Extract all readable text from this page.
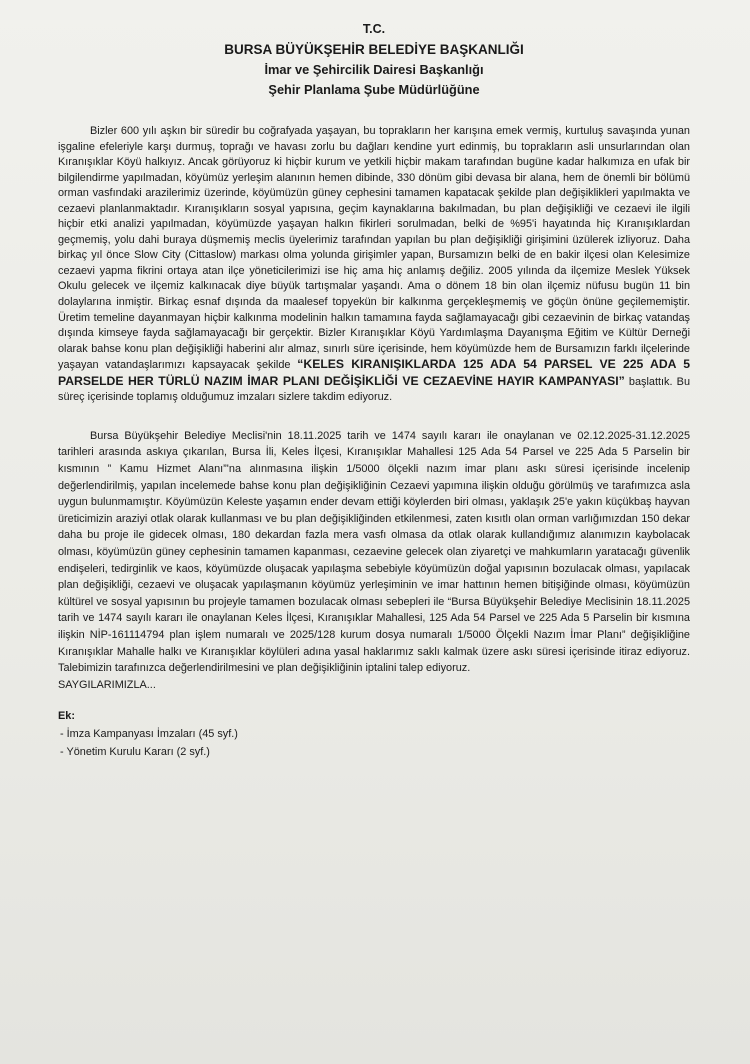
T.C.
BURSA BÜYÜKŞEHİR BELEDİYE BAŞKANLIĞI
İmar ve Şehircilik Dairesi Başkanlığı
Şehir Planlama Şube Müdürlüğüne

Bizler 600 yılı aşkın bir süredir bu coğrafyada yaşayan, bu toprakların her karışına emek vermiş, kurtuluş savaşında yunan işgaline efeleriyle karşı durmuş, toprağı ve havası zorlu bu dağları kendine yurt edinmiş, bu toprakların asli unsurlarından olan Kıranışıklar Köyü halkıyız. Ancak görüyoruz ki hiçbir kurum ve yetkili hiçbir makam tarafından bugüne kadar halkımıza en ufak bir bilgilendirme yapılmadan, köyümüz yerleşim alanının hemen dibinde, 330 dönüm gibi devasa bir alana, hem de önemli bir bölümü orman vasfındaki arazilerimiz üzerinde, köyümüzün güney cephesini tamamen kapatacak şekilde plan değişiklikleri yapılmakta ve cezaevi planlanmaktadır. Kıranışıkların sosyal yapısına, geçim kaynaklarına bakılmadan, bu plan değişikliği ve cezaevi ile ilgili hiçbir etki analizi yapılmadan, köyümüzde yaşayan halkın fikirleri sorulmadan, belki de %95'i hayatında hiç Kıranışıklardan geçmemiş, yolu dahi buraya düşmemiş meclis üyelerimiz tarafından yapılan bu plan değişikliği girişimini üzülerek izliyoruz. Daha birkaç yıl önce Slow City (Cittaslow) markası olma yolunda girişimler yapan, Bursamızın belki de en bakir ilçesi olan Kelesimize cezaevi yapma fikrini ortaya atan ilçe yöneticilerimizi ise hiç ama hiç anlamış değiliz. 2005 yılında da ilçemize Meslek Yüksek Okulu gelecek ve ilçemiz kalkınacak diye büyük tartışmalar yaşandı. Ama o dönem 18 bin olan ilçemiz nüfusu bugün 11 bin dolaylarına inmiştir. Birkaç esnaf dışında da maalesef topyekün bir kalkınma gerçekleşmemiş ve göçün önüne geçilememiştir. Üretim temeline dayanmayan hiçbir kalkınma modelinin halkın tamamına fayda sağlamayacağı gibi cezaevinin de birkaç vatandaş dışında kimseye fayda sağlamayacağı bir gerçektir. Bizler Kıranışıklar Köyü Yardımlaşma Dayanışma Eğitim ve Kültür Derneği olarak bahse konu plan değişikliği haberini alır almaz, sınırlı süre içerisinde, hem köyümüzde hem de Bursamızın farklı ilçelerinde yaşayan vatandaşlarımızı kapsayacak şekilde “KELES KIRANIŞIKLARDA 125 ADA 54 PARSEL VE 225 ADA 5 PARSELDE HER TÜRLÜ NAZIM İMAR PLANI DEĞİŞİKLİĞİ VE CEZAEVİNE HAYIR KAMPANYASI” başlattık. Bu süreç içerisinde toplamış olduğumuz imzaları sizlere takdim ediyoruz.

Bursa Büyükşehir Belediye Meclisi'nin 18.11.2025 tarih ve 1474 sayılı kararı ile onaylanan ve 02.12.2025-31.12.2025 tarihleri arasında askıya çıkarılan, Bursa İli, Keles İlçesi, Kıranışıklar Mahallesi 125 Ada 54 Parsel ve 225 Ada 5 Parselin bir kısmının ” Kamu Hizmet Alanı”'na alınmasına ilişkin 1/5000 ölçekli nazım imar planı askı süresi içerisinde incelenip değerlendirilmiş, yapılan incelemede bahse konu plan değişikliğinin Cezaevi yapımına ilişkin olduğu görülmüş ve tarafımızca asla uygun bulunmamıştır. Köyümüzün Keleste yaşamın ender devam ettiği köylerden biri olması, yaklaşık 25'e yakın küçükbaş hayvan üreticimizin araziyi otlak olarak kullanması ve bu plan değişikliğinden etkilenmesi, zaten kısıtlı olan orman varlığımızdan 150 dekar daha bu proje ile gidecek olması, 180 dekardan fazla mera vasfı olmasa da otlak olarak kullandığımız alanımızın kaybolacak olması, köyümüzün güney cephesinin tamamen kapanması, cezaevine gelecek olan ziyaretçi ve mahkumların yaratacağı güvenlik endişeleri, tedirginlik ve kaos, köyümüzde oluşacak yapılaşma sebebiyle köyümüzün doğal yapısının bozulacak olması, yapılacak plan değişikliği, cezaevi ve oluşacak yapılaşmanın köyümüz yerleşiminin ve imar hattının hemen bitişiğinde olması, köyümüzün kültürel ve sosyal yapısının bu projeyle tamamen bozulacak olması sebepleri ile “Bursa Büyükşehir Belediye Meclisinin 18.11.2025 tarih ve 1474 sayılı kararı ile onaylanan Keles İlçesi, Kıranışıklar Mahallesi, 125 Ada 54 Parsel ve 225 Ada 5 Parselin bir kısmına ilişkin NİP-161114794 plan işlem numaralı ve 2025/128 kurum dosya numaralı 1/5000 Ölçekli Nazım İmar Planı” değişikliğine Kıranışıklar Mahalle halkı ve Kıranışıklar köylüleri adına yasal haklarımız saklı kalmak üzere askı süresi içerisinde itiraz ediyoruz. Talebimizin tarafınızca değerlendirilmesini ve plan değişikliğinin iptalini talep ediyoruz.

SAYGILARIMIZLA...

Ek:
- İmza Kampanyası İmzaları (45 syf.)
- Yönetim Kurulu Kararı (2 syf.)
